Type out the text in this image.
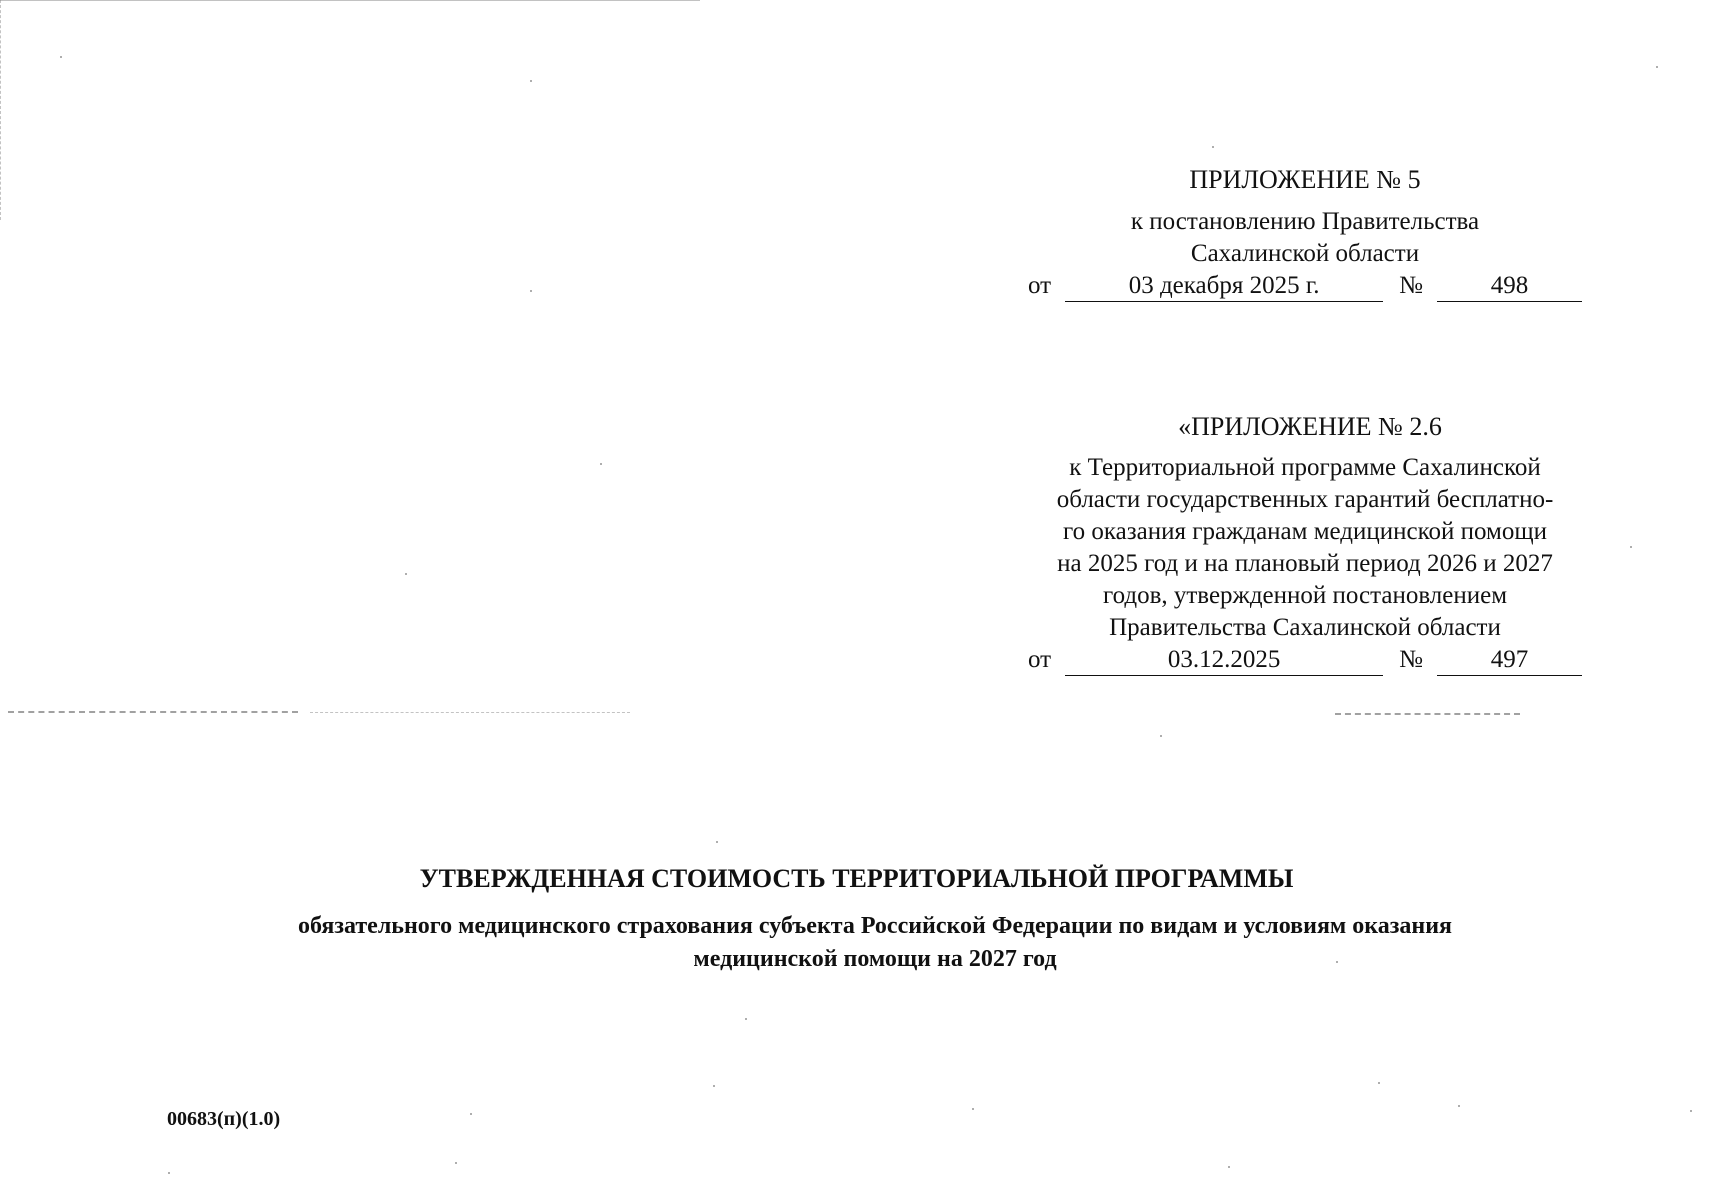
ПРИЛОЖЕНИЕ № 5
к постановлению Правительства
Сахалинской области
от	03 декабря 2025 г.	№	498
«ПРИЛОЖЕНИЕ № 2.6
к Территориальной программе Сахалинской
области государственных гарантий бесплатно-
го оказания гражданам медицинской помощи
на 2025 год и на плановый период 2026 и 2027
годов, утвержденной постановлением
Правительства Сахалинской области
от	03.12.2025	№	497
УТВЕРЖДЕННАЯ СТОИМОСТЬ ТЕРРИТОРИАЛЬНОЙ ПРОГРАММЫ
обязательного медицинского страхования субъекта Российской Федерации по видам и условиям оказания
медицинской помощи на 2027 год
00683(п)(1.0)
